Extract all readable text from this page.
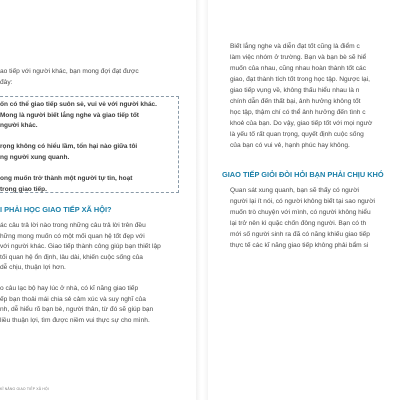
ao tiếp với người khác, bạn mong đợi đạt được
đây:
ốn có thể giao tiếp suôn sẻ, vui vẻ với người khác.
Mong là người biết lắng nghe và giao tiếp tốt
người khác.
rọng không có hiểu lầm, tổn hại nào giữa tôi
ng người xung quanh.
ong muốn trở thành một người tự tin, hoạt
trong giao tiếp.
I PHẢI HỌC GIAO TIẾP XÃ HỘI?
ác câu trả lời nào trong những câu trả lời trên đều
hững mong muốn có một mối quan hệ tốt đẹp với
với người khác. Giao tiếp thành công giúp bạn thiết lập
tối quan hệ ổn định, lâu dài, khiến cuộc sống của
dễ chịu, thuận lợi hơn.
o câu lạc bộ hay lúc ở nhà, có kĩ năng giao tiếp
ếp bạn thoải mái chia sẻ cảm xúc và suy nghĩ của
nh, dễ hiểu rõ bạn bè, người thân, từ đó sẽ giúp bạn
liều thuận lợi, tìm được niềm vui thực sự cho mình.
KĨ NĂNG GIAO TIẾP XÃ HỘI
Biết lắng nghe và diễn đạt tốt cũng là điểm c
làm việc nhóm ở trường. Bạn và bạn bè sẽ hiể
muốn của nhau, cũng nhau hoàn thành tốt các
giao, đạt thành tích tốt trong học tập. Ngược lại,
giao tiếp vụng về, không thấu hiểu nhau là n
chính dẫn đến thất bại, ảnh hưởng không tốt
học tập, thậm chí có thể ảnh hưởng đến tình c
khoẻ của bạn. Do vậy, giao tiếp tốt với mọi ngườ
là yếu tố rất quan trọng, quyết định cuộc sống
của bạn có vui vẻ, hạnh phúc hay không.
GIAO TIẾP GIỎI ĐÒI HỎI BẠN PHẢI CHỊU KHÓ
Quan sát xung quanh, bạn sẽ thấy có người
người lại ít nói, có người không biết tại sao người
muốn trò chuyện với mình, có người không hiểu
lại trở nên kì quặc chốn đông người. Bạn có th
mới số người sinh ra đã có năng khiếu giao tiếp
thực tế các kĩ năng giao tiếp không phải bẩm si
